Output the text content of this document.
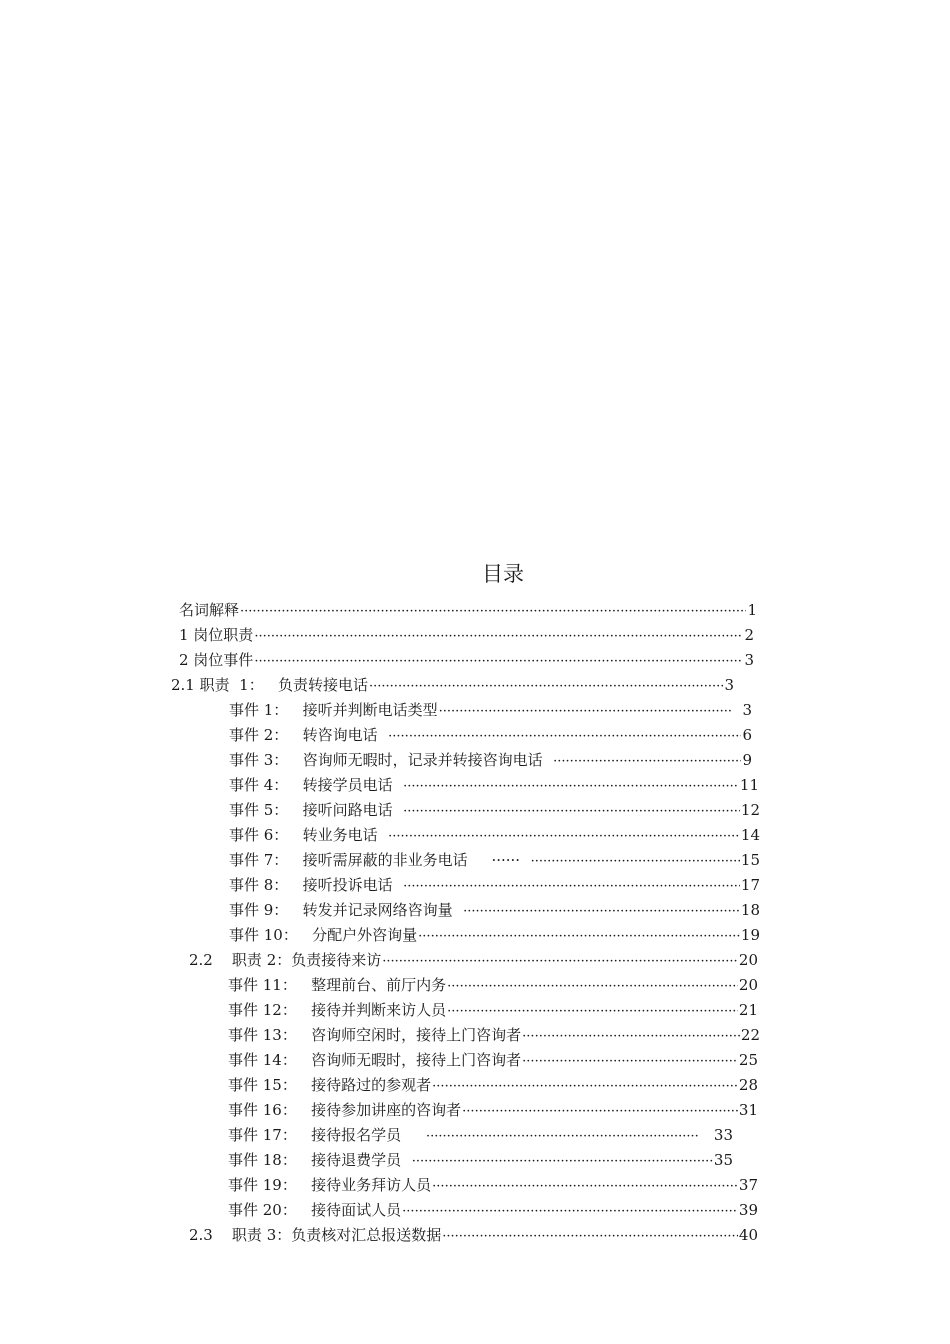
目录
名词解释 ·····	1
1 岗位职责 ·····	2
2 岗位事件 ·····	3
2.1 职责  1：   负责转接电话 ·····	3
事件 1：   接听并判断电话类型 ·····	3
事件 2：   转咨询电话 ·····	6
事件 3：   咨询师无暇时，记录并转接咨询电话 ·····	9
事件 4：   转接学员电话 ·····	11
事件 5：   接听问路电话 ·····	12
事件 6：   转业务电话 ·····	14
事件 7：   接听需屏蔽的非业务电话     ······ ·····	15
事件 8：   接听投诉电话 ·····	17
事件 9：   转发并记录网络咨询量 ·····	18
事件 10：   分配户外咨询量 ·····	19
2.2    职责 2：负责接待来访 ·····	20
事件 11：   整理前台、前厅内务 ·····	20
事件 12：   接待并判断来访人员 ·····	21
事件 13：   咨询师空闲时，接待上门咨询者 ·····	22
事件 14：   咨询师无暇时，接待上门咨询者 ·····	25
事件 15：   接待路过的参观者 ·····	28
事件 16：   接待参加讲座的咨询者 ·····	31
事件 17：   接待报名学员 ·····	33
事件 18：   接待退费学员 ·····	35
事件 19：   接待业务拜访人员 ·····	37
事件 20：   接待面试人员 ·····	39
2.3    职责 3：负责核对汇总报送数据 ·····	40
